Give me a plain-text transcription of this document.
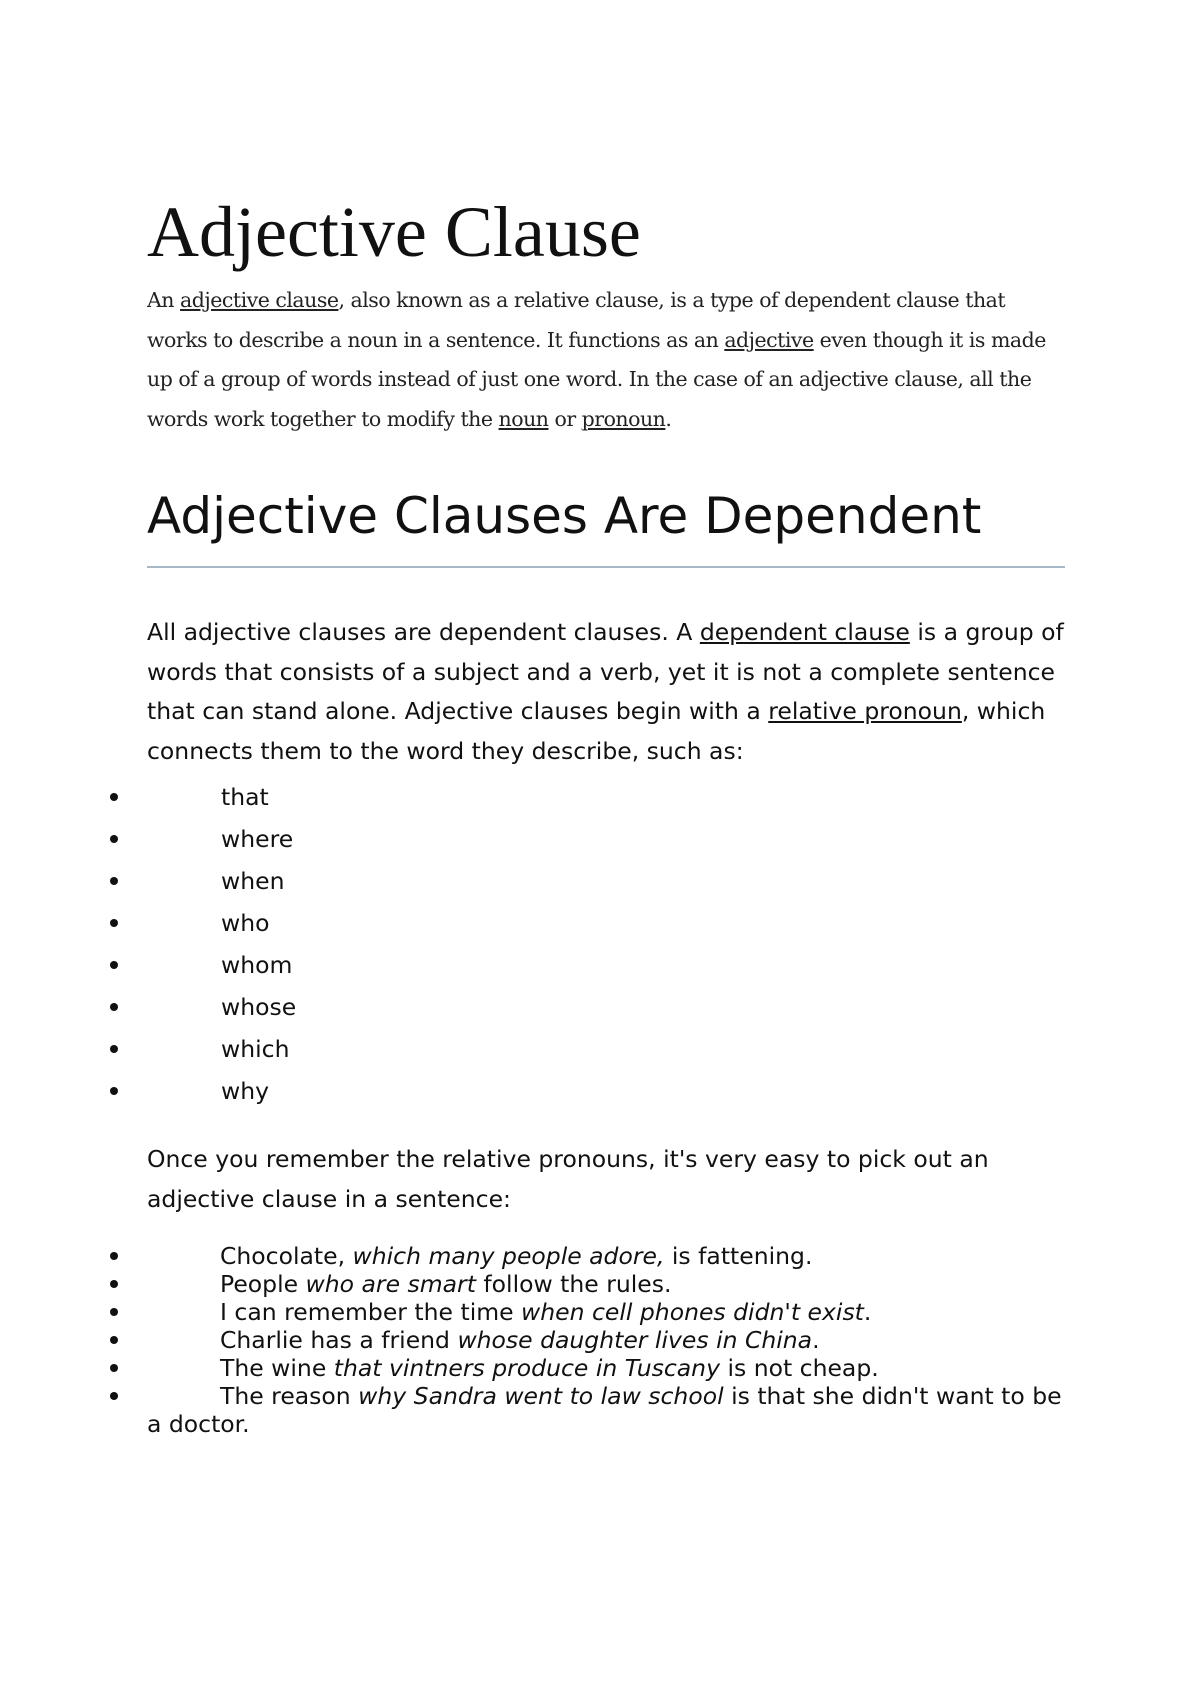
Adjective Clause

An adjective clause, also known as a relative clause, is a type of dependent clause that works to describe a noun in a sentence. It functions as an adjective even though it is made up of a group of words instead of just one word. In the case of an adjective clause, all the words work together to modify the noun or pronoun.

Adjective Clauses Are Dependent

All adjective clauses are dependent clauses. A dependent clause is a group of words that consists of a subject and a verb, yet it is not a complete sentence that can stand alone. Adjective clauses begin with a relative pronoun, which connects them to the word they describe, such as:

that
where
when
who
whom
whose
which
why

Once you remember the relative pronouns, it's very easy to pick out an adjective clause in a sentence:

Chocolate, which many people adore, is fattening.
People who are smart follow the rules.
I can remember the time when cell phones didn't exist.
Charlie has a friend whose daughter lives in China.
The wine that vintners produce in Tuscany is not cheap.
The reason why Sandra went to law school is that she didn't want to be a doctor.
